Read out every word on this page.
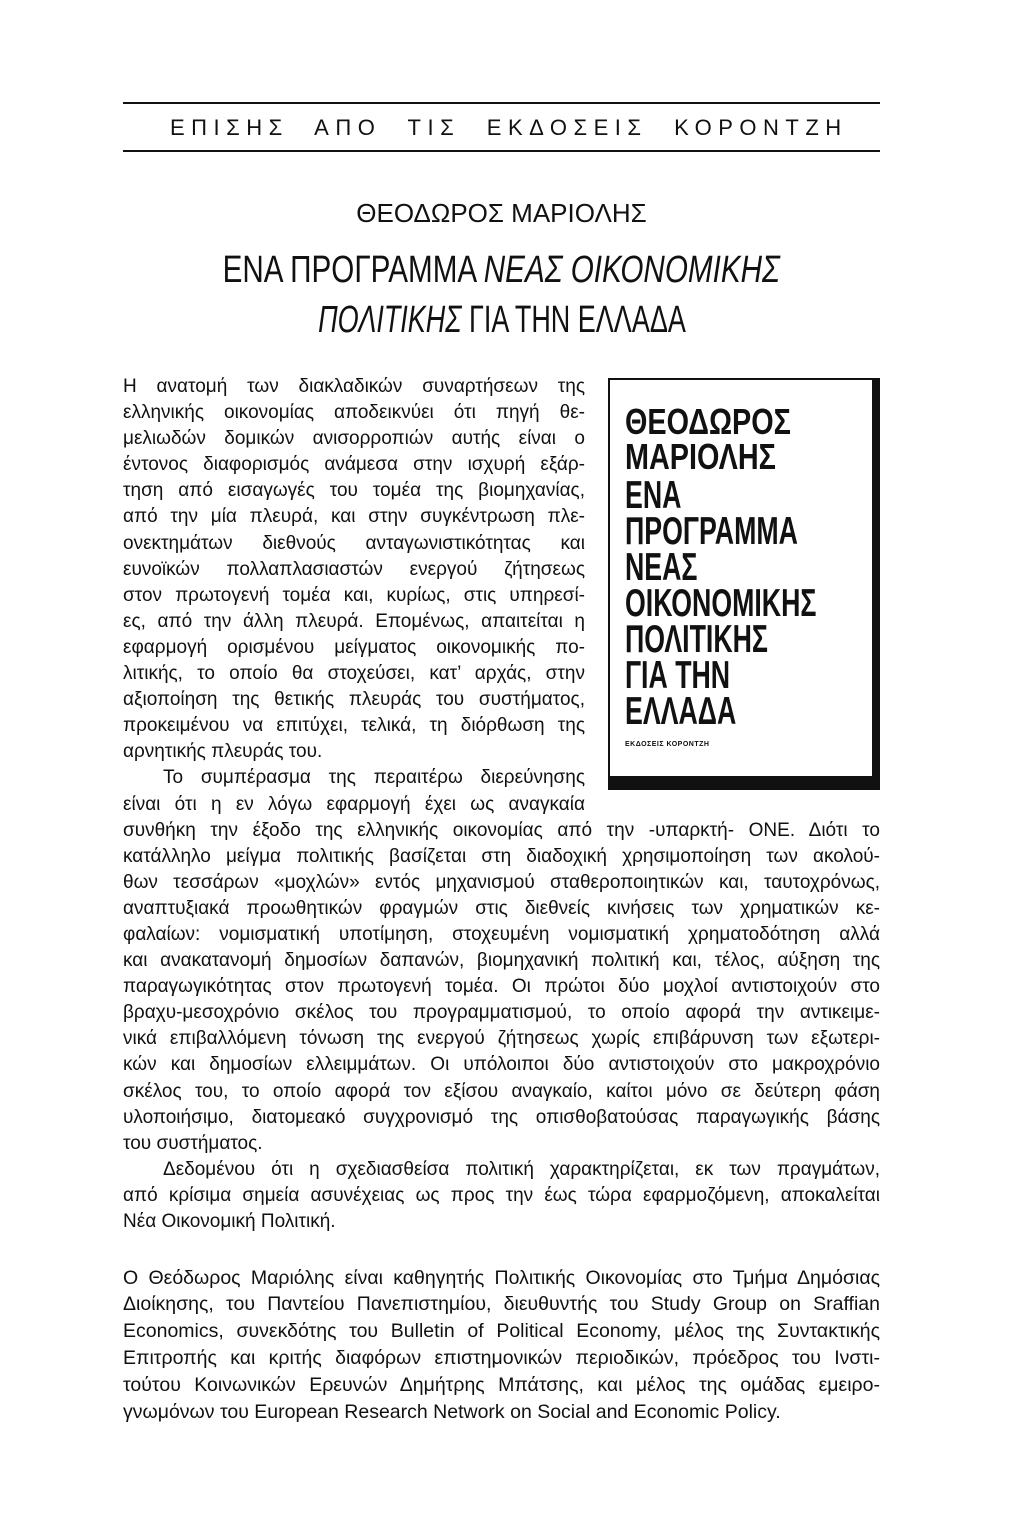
ΕΠΙΣΗΣ ΑΠΟ ΤΙΣ ΕΚΔΟΣΕΙΣ ΚΟΡΟΝΤΖΗ
ΘΕΟΔΩΡΟΣ ΜΑΡΙΟΛΗΣ
ΕΝΑ ΠΡΟΓΡΑΜΜΑ ΝΕΑΣ ΟΙΚΟΝΟΜΙΚΗΣ
ΠΟΛΙΤΙΚΗΣ ΓΙΑ ΤΗΝ ΕΛΛΑΔΑ
ΘΕΟΔΩΡΟΣ
ΜΑΡΙΟΛΗΣ
ΕΝΑ
ΠΡΟΓΡΑΜΜΑ
ΝΕΑΣ
ΟΙΚΟΝΟΜΙΚΗΣ
ΠΟΛΙΤΙΚΗΣ
ΓΙΑ ΤΗΝ
ΕΛΛΑΔΑ
ΕΚΔΟΣΕΙΣ ΚΟΡΟΝΤΖΗ
Η ανατομή των διακλαδικών συναρτήσεων της
ελληνικής οικονομίας αποδεικνύει ότι πηγή θε-
μελιωδών δομικών ανισορροπιών αυτής είναι ο
έντονος διαφορισμός ανάμεσα στην ισχυρή εξάρ-
τηση από εισαγωγές του τομέα της βιομηχανίας,
από την μία πλευρά, και στην συγκέντρωση πλε-
ονεκτημάτων διεθνούς ανταγωνιστικότητας και
ευνοϊκών πολλαπλασιαστών ενεργού ζήτησεως
στον πρωτογενή τομέα και, κυρίως, στις υπηρεσί-
ες, από την άλλη πλευρά. Επομένως, απαιτείται η
εφαρμογή ορισμένου μείγματος οικονομικής πο-
λιτικής, το οποίο θα στοχεύσει, κατ’ αρχάς, στην
αξιοποίηση της θετικής πλευράς του συστήματος,
προκειμένου να επιτύχει, τελικά, τη διόρθωση της
αρνητικής πλευράς του.
Το συμπέρασμα της περαιτέρω διερεύνησης
είναι ότι η εν λόγω εφαρμογή έχει ως αναγκαία
συνθήκη την έξοδο της ελληνικής οικονομίας από την -υπαρκτή- ΟΝΕ. Διότι το
κατάλληλο μείγμα πολιτικής βασίζεται στη διαδοχική χρησιμοποίηση των ακολού-
θων τεσσάρων «μοχλών» εντός μηχανισμού σταθεροποιητικών και, ταυτοχρόνως,
αναπτυξιακά προωθητικών φραγμών στις διεθνείς κινήσεις των χρηματικών κε-
φαλαίων: νομισματική υποτίμηση, στοχευμένη νομισματική χρηματοδότηση αλλά
και ανακατανομή δημοσίων δαπανών, βιομηχανική πολιτική και, τέλος, αύξηση της
παραγωγικότητας στον πρωτογενή τομέα. Οι πρώτοι δύο μοχλοί αντιστοιχούν στο
βραχυ-μεσοχρόνιο σκέλος του προγραμματισμού, το οποίο αφορά την αντικειμε-
νικά επιβαλλόμενη τόνωση της ενεργού ζήτησεως χωρίς επιβάρυνση των εξωτερι-
κών και δημοσίων ελλειμμάτων. Οι υπόλοιποι δύο αντιστοιχούν στο μακροχρόνιο
σκέλος του, το οποίο αφορά τον εξίσου αναγκαίο, καίτοι μόνο σε δεύτερη φάση
υλοποιήσιμο, διατομεακό συγχρονισμό της οπισθοβατούσας παραγωγικής βάσης
του συστήματος.
Δεδομένου ότι η σχεδιασθείσα πολιτική χαρακτηρίζεται, εκ των πραγμάτων,
από κρίσιμα σημεία ασυνέχειας ως προς την έως τώρα εφαρμοζόμενη, αποκαλείται
Νέα Οικονομική Πολιτική.
Ο Θεόδωρος Μαριόλης είναι καθηγητής Πολιτικής Οικονομίας στο Τμήμα Δημόσιας
Διοίκησης, του Παντείου Πανεπιστημίου, διευθυντής του Study Group on Sraffian
Economics, συνεκδότης του Bulletin of Political Economy, μέλος της Συντακτικής
Επιτροπής και κριτής διαφόρων επιστημονικών περιοδικών, πρόεδρος του Ινστι-
τούτου Κοινωνικών Ερευνών Δημήτρης Μπάτσης, και μέλος της ομάδας εμειρο-
γνωμόνων του European Research Network on Social and Economic Policy.
